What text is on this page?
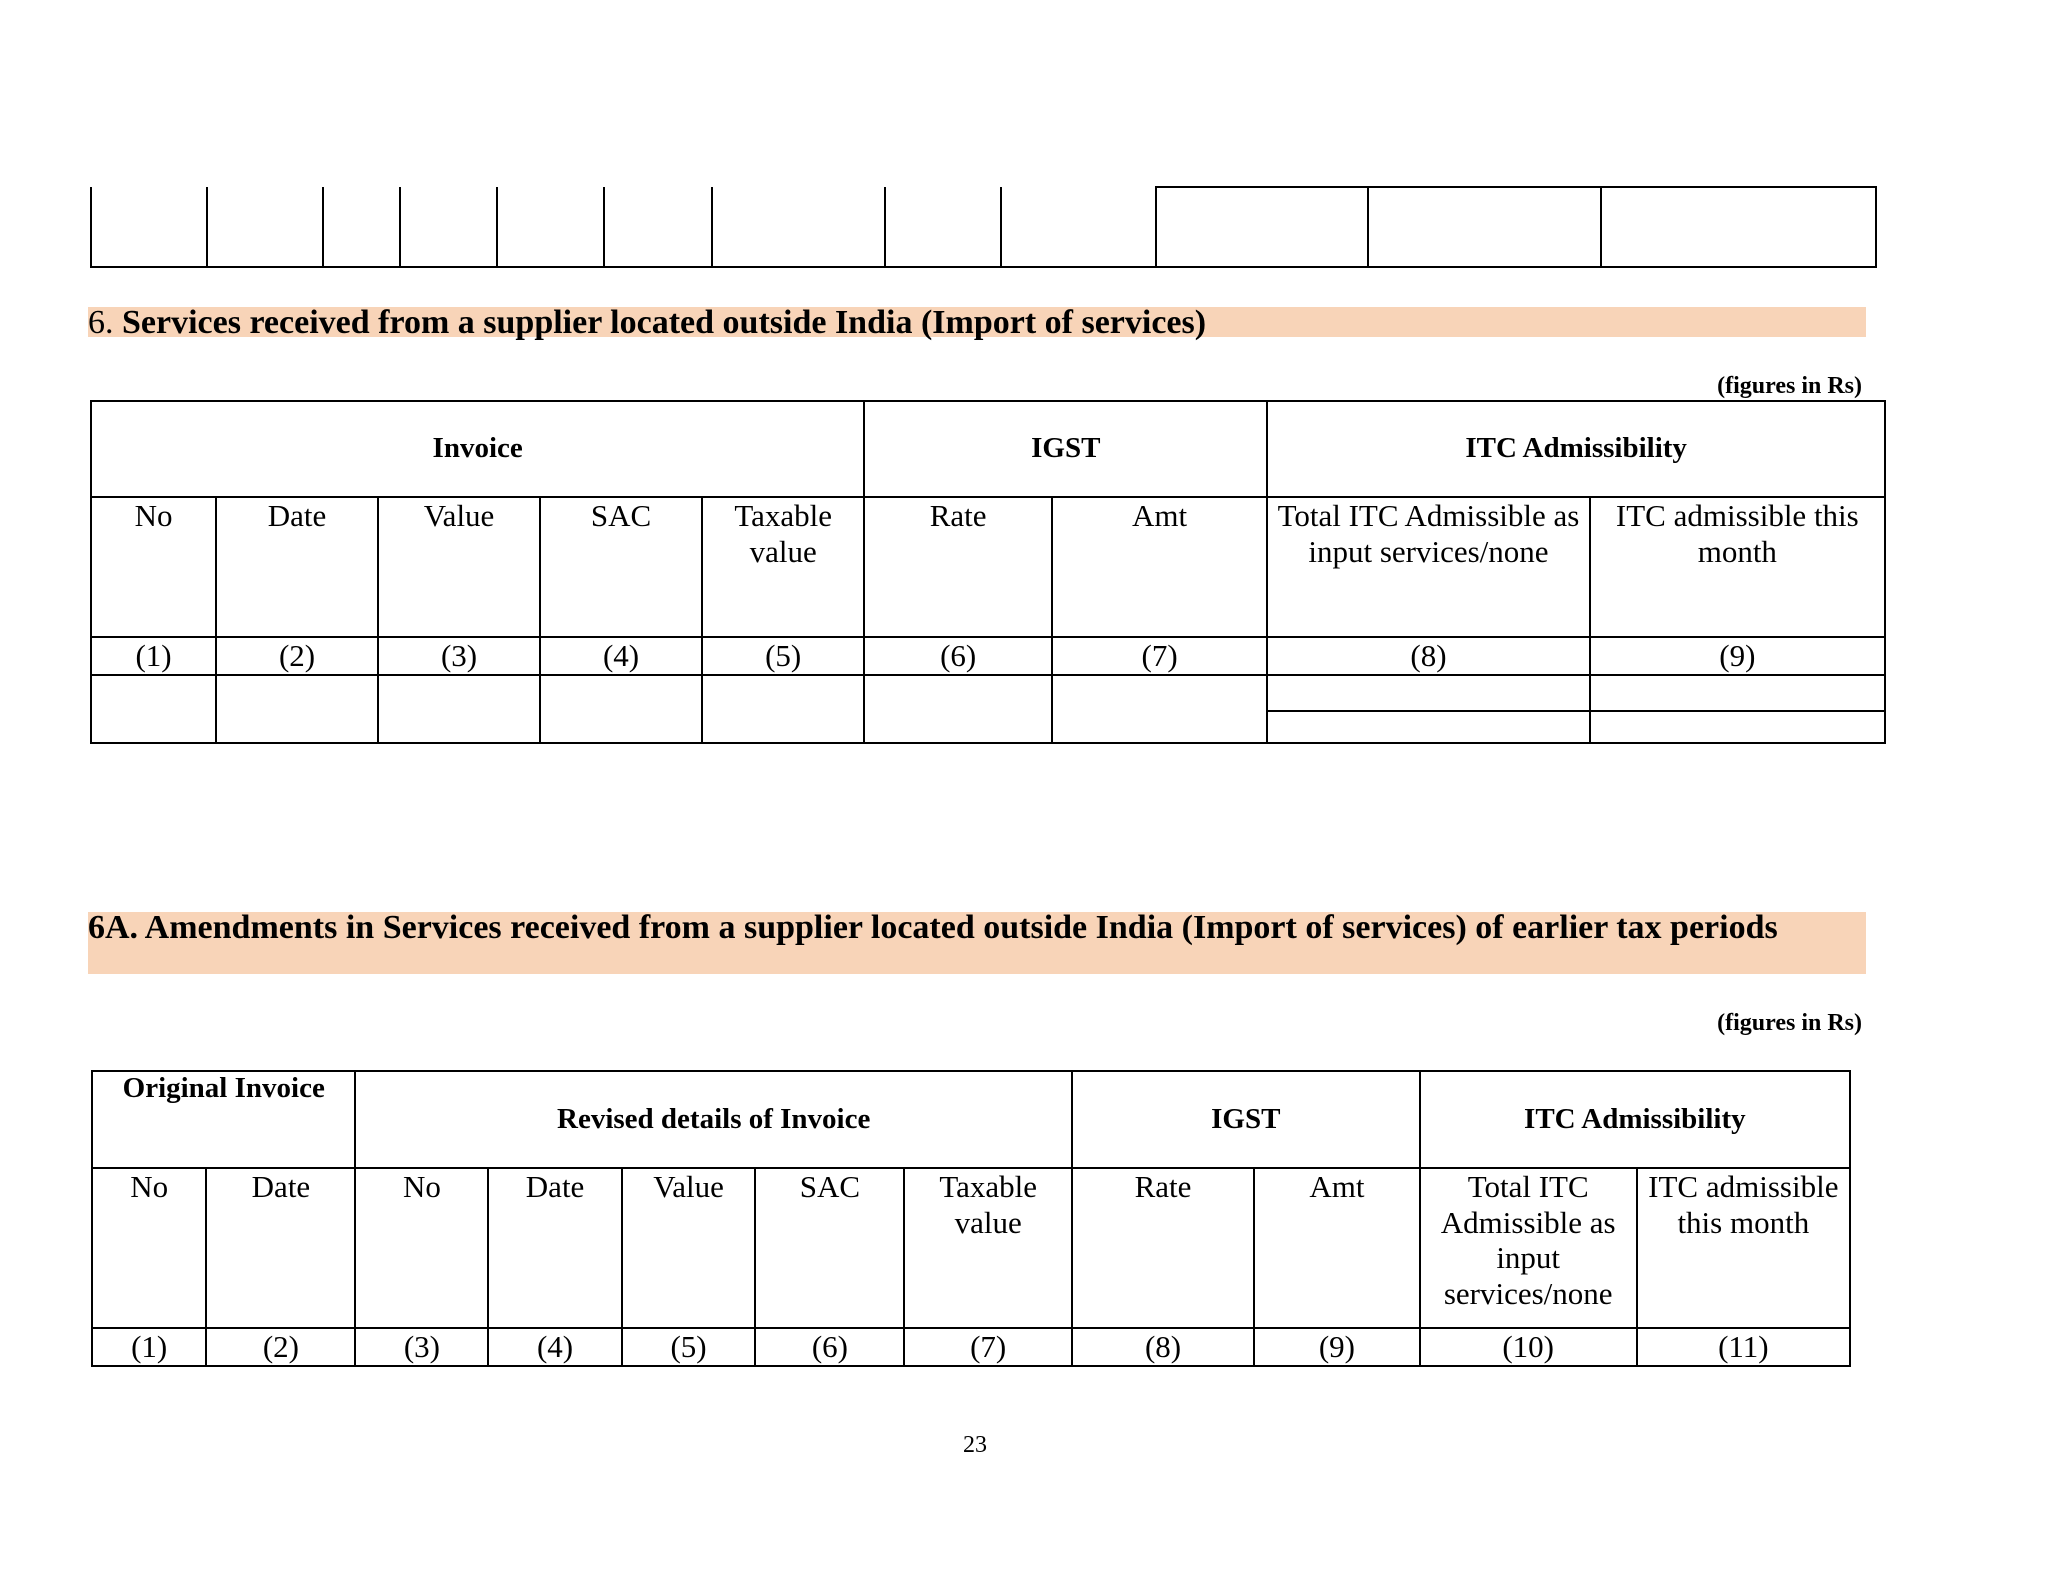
6. Services received from a supplier located outside India (Import of services)
(figures in Rs)
Invoice					IGST		ITC Admissibility	
No	Date	Value	SAC	Taxable value	Rate	Amt	Total ITC Admissible as input services/none	ITC admissible this month
(1)	(2)	(3)	(4)	(5)	(6)	(7)	(8)	(9)

6A. Amendments in Services received from a supplier located outside India (Import of services) of earlier tax periods
(figures in Rs)
Original Invoice		Revised details of Invoice					IGST		ITC Admissibility	
No	Date	No	Date	Value	SAC	Taxable value	Rate	Amt	Total ITC Admissible as input services/none	ITC admissible this month
(1)	(2)	(3)	(4)	(5)	(6)	(7)	(8)	(9)	(10)	(11)
23
